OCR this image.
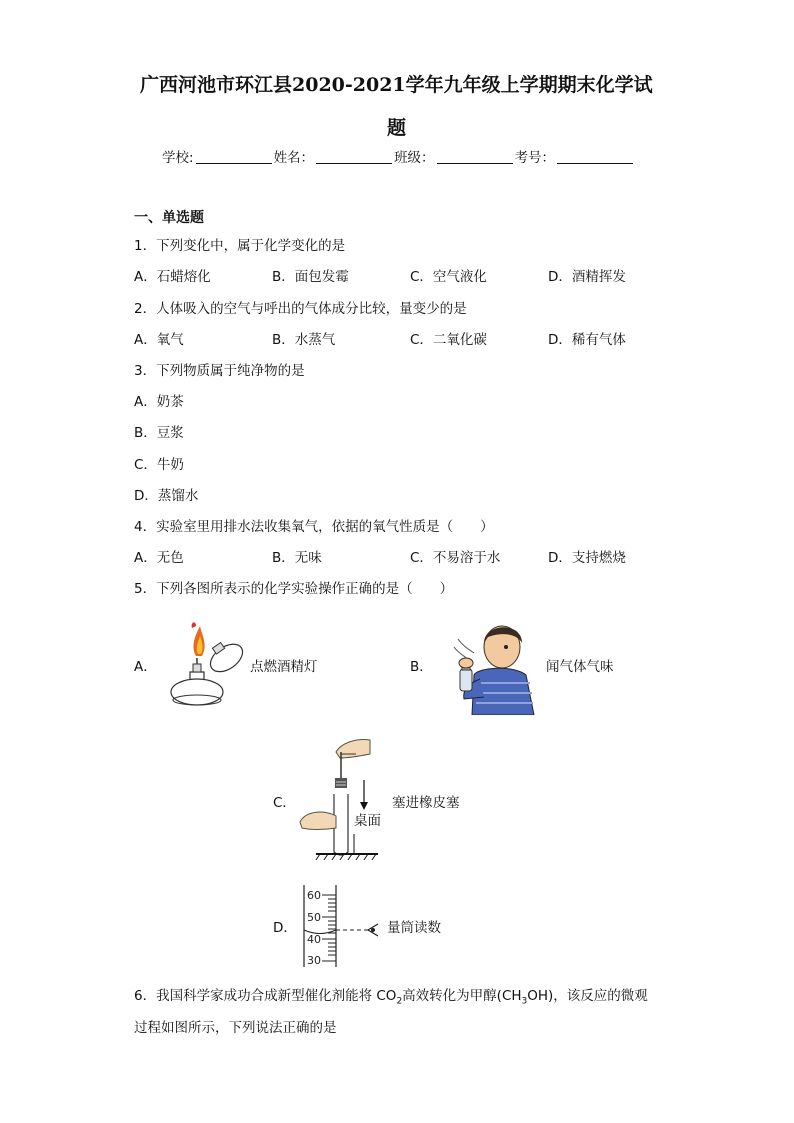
广西河池市环江县2020-2021学年九年级上学期期末化学试
题
学校:	姓名：	班级：	考号：
一、单选题
1．下列变化中，属于化学变化的是
A．石蜡熔化	B．面包发霉	C．空气液化	D．酒精挥发
2．人体吸入的空气与呼出的气体成分比较，量变少的是
A．氧气	B．水蒸气	C．二氧化碳	D．稀有气体
3．下列物质属于纯净物的是
A．奶茶
B．豆浆
C．牛奶
D．蒸馏水
4．实验室里用排水法收集氧气，依据的氧气性质是（　　）
A．无色	B．无味	C．不易溶于水	D．支持燃烧
5．下列各图所表示的化学实验操作正确的是（　　）
A．	点燃酒精灯	B．	闻气体气味
C．	塞进橡皮塞
桌面
D．
60
50
40
30
量筒读数
6．我国科学家成功合成新型催化剂能将 $CO_2$高效转化为甲醇$(CH_3OH)$，该反应的微观
过程如图所示，下列说法正确的是
